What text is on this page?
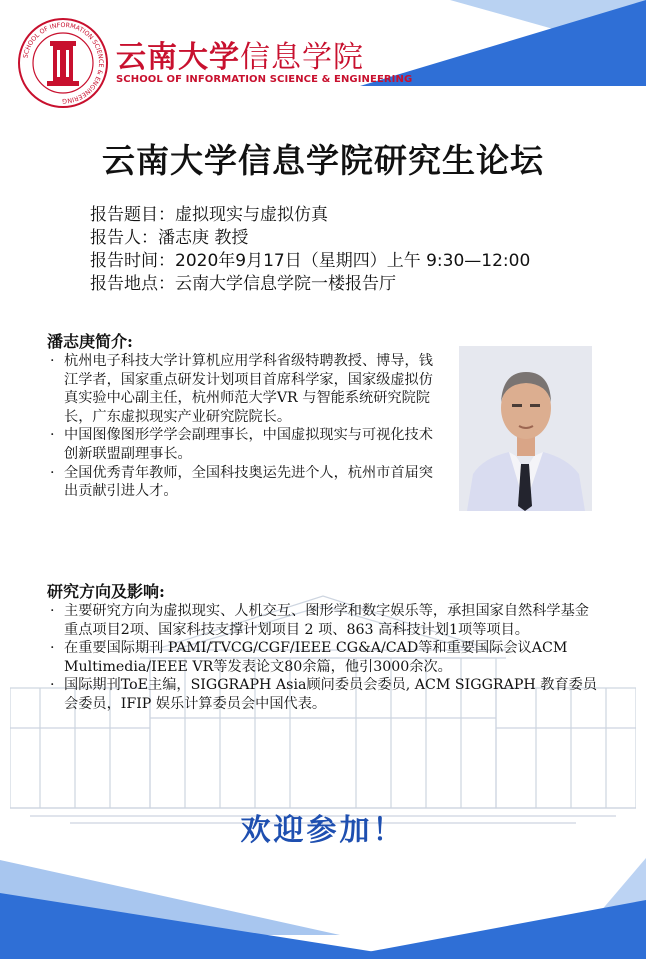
SCHOOL OF INFORMATION SCIENCE & ENGINEERING
云南大学信息学院
SCHOOL OF INFORMATION SCIENCE & ENGINEERING
云南大学信息学院研究生论坛
报告题目：虚拟现实与虚拟仿真
报告人：潘志庚 教授
报告时间：2020年9月17日（星期四）上午 9:30—12:00
报告地点：云南大学信息学院一楼报告厅
潘志庚简介:
· 杭州电子科技大学计算机应用学科省级特聘教授、博导，钱江学者，国家重点研发计划项目首席科学家，国家级虚拟仿真实验中心副主任，杭州师范大学VR 与智能系统研究院院长，广东虚拟现实产业研究院院长。
· 中国图像图形学学会副理事长，中国虚拟现实与可视化技术创新联盟副理事长。
· 全国优秀青年教师，全国科技奥运先进个人，杭州市首届突出贡献引进人才。
研究方向及影响:
· 主要研究方向为虚拟现实、人机交互、图形学和数字娱乐等，承担国家自然科学基金重点项目2项、国家科技支撑计划项目 2 项、863 高科技计划1项等项目。
· 在重要国际期刊 PAMI/TVCG/CGF/IEEE CG&A/CAD等和重要国际会议ACM Multimedia/IEEE VR等发表论文80余篇，他引3000余次。
· 国际期刊ToE主编，SIGGRAPH Asia顾问委员会委员, ACM SIGGRAPH 教育委员会委员，IFIP 娱乐计算委员会中国代表。
欢迎参加！
